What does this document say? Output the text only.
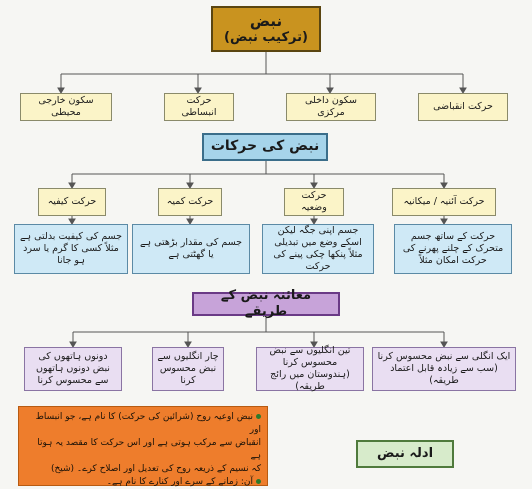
نبض
(ترکیب نبض)
حرکت انقباضی
سکون داخلی مرکزی
حرکت انبساطی
سکون خارجی محیطی
نبض کی حرکات
حرکت آئنیہ / میکانیہ
حرکت وضعیہ
حرکت کمیہ
حرکت کیفیہ
حرکت کے ساتھ جسم متحرک کے چلنے پھرنے کی حرکت امکان مثلاً
جسم اپنی جگہ لیکن اسکے وضع میں تبدیلی مثلاً پنکھا چکی پینے کی حرکت
جسم کی مقدار بڑھتی ہے یا گھٹتی ہے
جسم کی کیفیت بدلتی ہے مثلاً کسی کا گرم یا سرد ہو جانا
معائنہ نبض کے طریقے
ایک انگلی سے نبض محسوس کرنا (سب سے زیادہ قابل اعتماد طریقہ)
تین انگلیوں سے نبض محسوس کرنا (ہندوستان میں رائج طریقہ)
چار انگلیوں سے نبض محسوس کرنا
دونوں ہاتھوں کی نبض دونوں ہاتھوں سے محسوس کرنا
نبض اوعیہ روح (شرائین کی حرکت) کا نام ہے، جو انبساط اور
انقباض سے مرکب ہوتی ہے اور اس حرکت کا مقصد یہ ہوتا ہے
کہ نسیم کے ذریعہ روح کی تعدیل اور اصلاح کرے۔ (شیخ)
آن: زمانے کے سرے اور کنارے کا نام ہے۔
ادلہ نبض
